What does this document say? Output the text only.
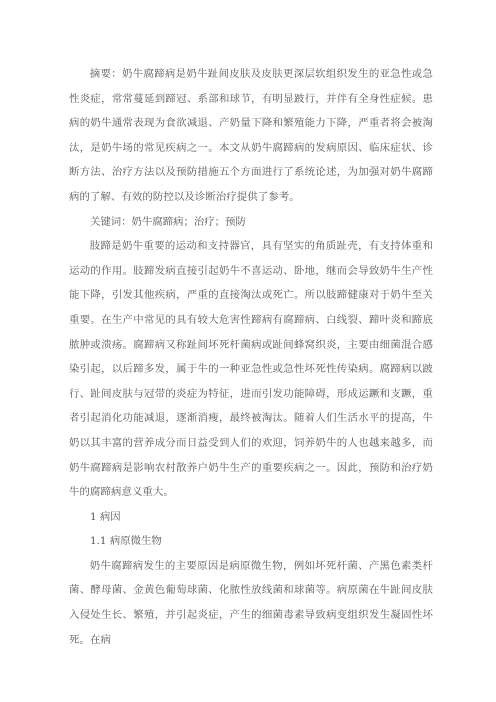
摘要：奶牛腐蹄病是奶牛趾间皮肤及皮肤更深层软组织发生的亚急性或急性炎症，常常蔓延到蹄冠、系部和球节，有明显跛行，并伴有全身性症候。患病的奶牛通常表现为食欲减退、产奶量下降和繁殖能力下降，严重者将会被淘汰，是奶牛场的常见疾病之一。本文从奶牛腐蹄病的发病原因、临床症状、诊断方法、治疗方法以及预防措施五个方面进行了系统论述，为加强对奶牛腐蹄病的了解、有效的防控以及诊断治疗提供了参考。

关键词：奶牛腐蹄病；治疗；预防

肢蹄是奶牛重要的运动和支持器官，具有坚实的角质趾壳，有支持体重和运动的作用。肢蹄发病直接引起奶牛不喜运动、卧地，继而会导致奶牛生产性能下降，引发其他疾病，严重的直接淘汰或死亡。所以肢蹄健康对于奶牛至关重要。在生产中常见的具有较大危害性蹄病有腐蹄病、白线裂、蹄叶炎和蹄底脓肿或溃疡。腐蹄病又称趾间坏死杆菌病或趾间蜂窝织炎，主要由细菌混合感染引起，以后蹄多发，属于牛的一种亚急性或急性坏死性传染病。腐蹄病以跛行、趾间皮肤与冠带的炎症为特征，进而引发功能障碍，形成运蹶和支蹶，重者引起消化功能减退，逐渐消瘦，最终被淘汰。随着人们生活水平的提高，牛奶以其丰富的营养成分而日益受到人们的欢迎，饲养奶牛的人也越来越多，而奶牛腐蹄病是影响农村散养户奶牛生产的重要疾病之一。因此，预防和治疗奶牛的腐蹄病意义重大。

1 病因

1.1 病原微生物

奶牛腐蹄病发生的主要原因是病原微生物，例如坏死杆菌、产黑色素类杆菌、酵母菌、金黄色葡萄球菌、化脓性放线菌和球菌等。病原菌在牛趾间皮肤入侵处生长、繁殖，并引起炎症，产生的细菌毒素导致病变组织发生凝固性坏死。在病
